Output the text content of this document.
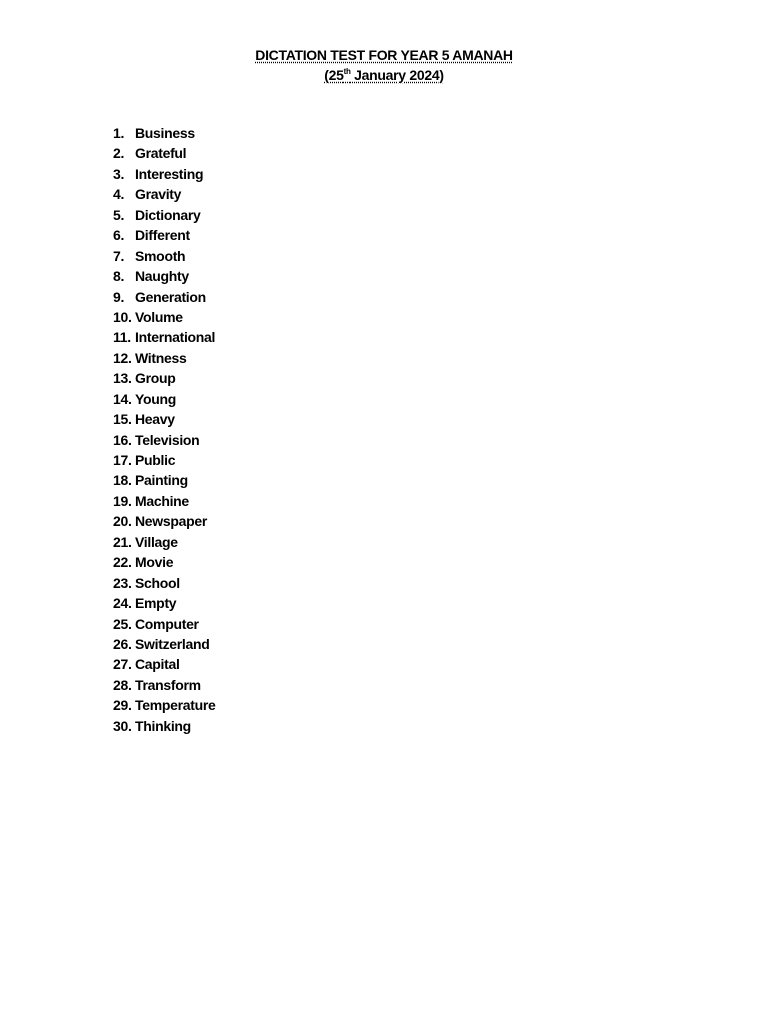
DICTATION TEST FOR YEAR 5 AMANAH
(25th January 2024)
1. Business
2. Grateful
3. Interesting
4. Gravity
5. Dictionary
6. Different
7. Smooth
8. Naughty
9. Generation
10. Volume
11. International
12. Witness
13. Group
14. Young
15. Heavy
16. Television
17. Public
18. Painting
19. Machine
20. Newspaper
21. Village
22. Movie
23. School
24. Empty
25. Computer
26. Switzerland
27. Capital
28. Transform
29. Temperature
30. Thinking
